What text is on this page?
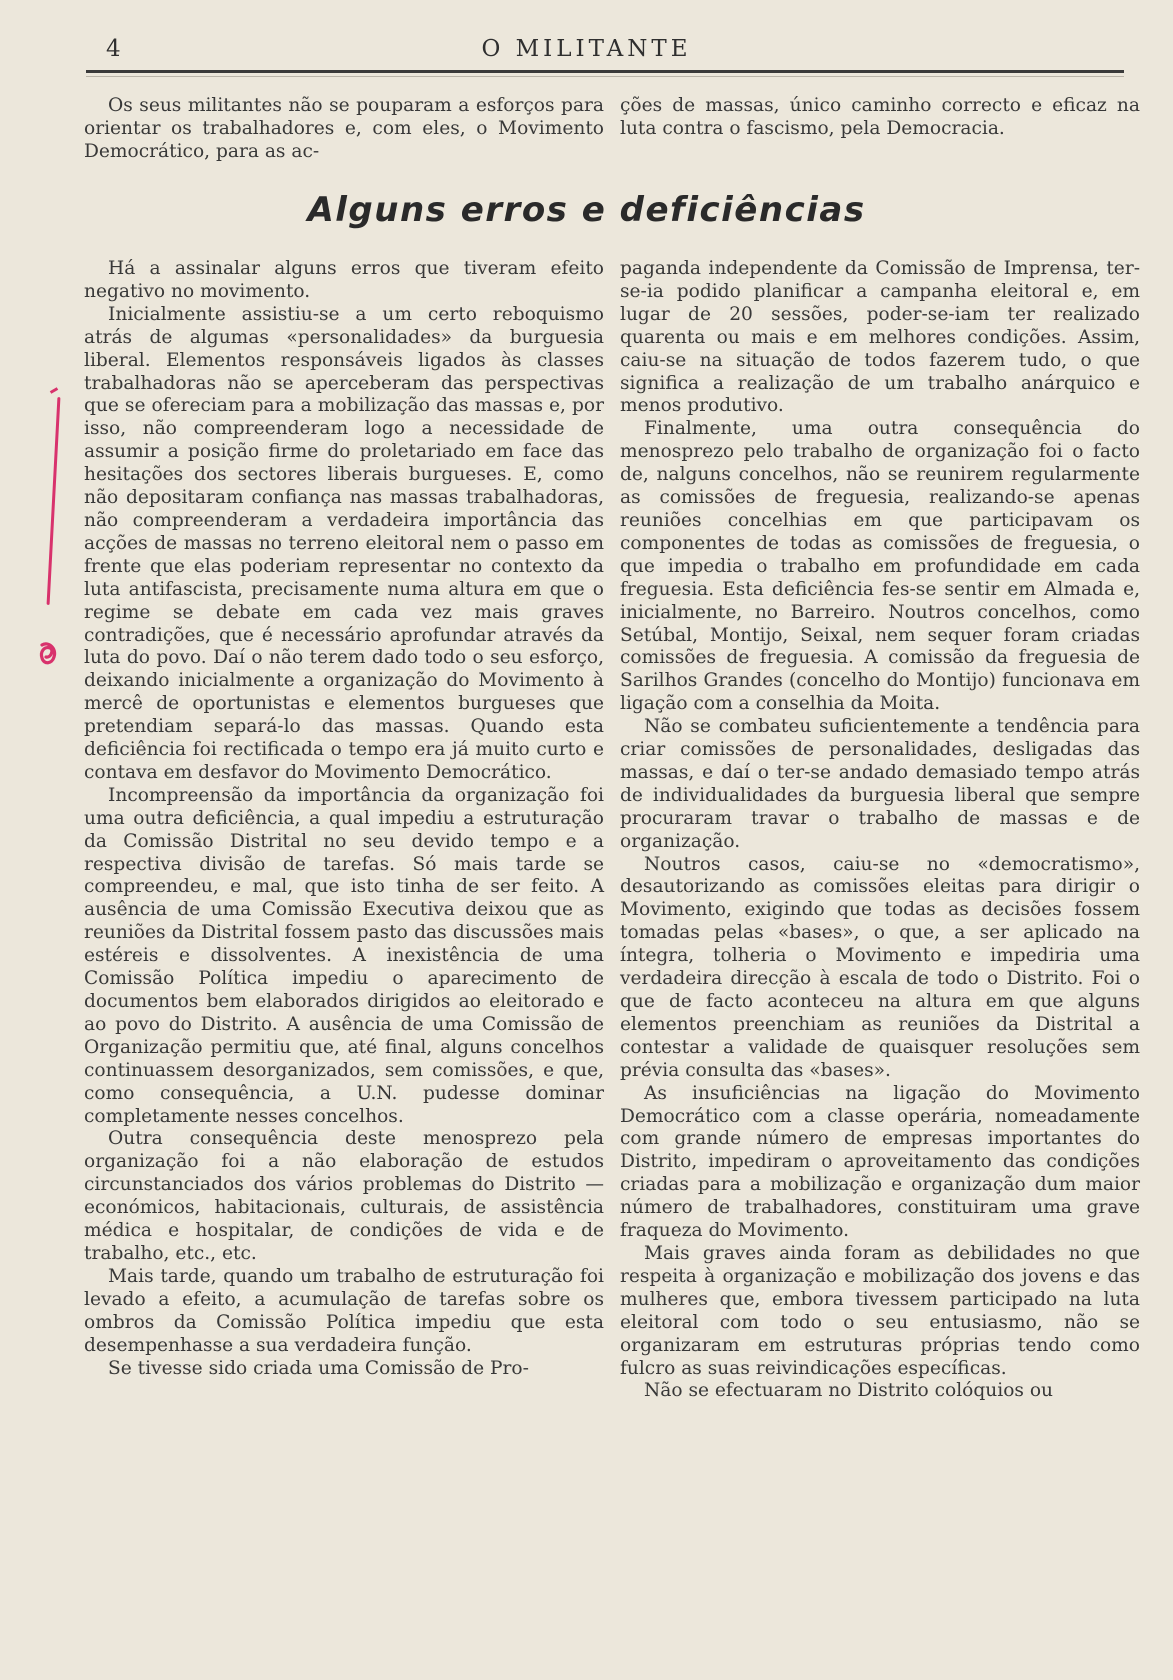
4	O MILITANTE

Os seus militantes não se pouparam a esforços para orientar os trabalhadores e, com eles, o Movimento Democrático, para as ac-

ções de massas, único caminho correcto e eficaz na luta contra o fascismo, pela Democracia.

Alguns erros e deficiências

Há a assinalar alguns erros que tiveram efeito negativo no movimento.

Inicialmente assistiu-se a um certo reboquismo atrás de algumas «personalidades» da burguesia liberal. Elementos responsáveis ligados às classes trabalhadoras não se aperceberam das perspectivas que se ofereciam para a mobilização das massas e, por isso, não compreenderam logo a necessidade de assumir a posição firme do proletariado em face das hesitações dos sectores liberais burgueses. E, como não depositaram confiança nas massas trabalhadoras, não compreenderam a verdadeira importância das acções de massas no terreno eleitoral nem o passo em frente que elas poderiam representar no contexto da luta antifascista, precisamente numa altura em que o regime se debate em cada vez mais graves contradições, que é necessário aprofundar através da luta do povo. Daí o não terem dado todo o seu esforço, deixando inicialmente a organização do Movimento à mercê de oportunistas e elementos burgueses que pretendiam separá-lo das massas. Quando esta deficiência foi rectificada o tempo era já muito curto e contava em desfavor do Movimento Democrático.

Incompreensão da importância da organização foi uma outra deficiência, a qual impediu a estruturação da Comissão Distrital no seu devido tempo e a respectiva divisão de tarefas. Só mais tarde se compreendeu, e mal, que isto tinha de ser feito. A ausência de uma Comissão Executiva deixou que as reuniões da Distrital fossem pasto das discussões mais estéreis e dissolventes. A inexistência de uma Comissão Política impediu o aparecimento de documentos bem elaborados dirigidos ao eleitorado e ao povo do Distrito. A ausência de uma Comissão de Organização permitiu que, até final, alguns concelhos continuassem desorganizados, sem comissões, e que, como consequência, a U.N. pudesse dominar completamente nesses concelhos.

Outra consequência deste menosprezo pela organização foi a não elaboração de estudos circunstanciados dos vários problemas do Distrito — económicos, habitacionais, culturais, de assistência médica e hospitalar, de condições de vida e de trabalho, etc., etc.

Mais tarde, quando um trabalho de estruturação foi levado a efeito, a acumulação de tarefas sobre os ombros da Comissão Política impediu que esta desempenhasse a sua verdadeira função.

Se tivesse sido criada uma Comissão de Pro-

paganda independente da Comissão de Imprensa, ter-se-ia podido planificar a campanha eleitoral e, em lugar de 20 sessões, poder-se-iam ter realizado quarenta ou mais e em melhores condições. Assim, caiu-se na situação de todos fazerem tudo, o que significa a realização de um trabalho anárquico e menos produtivo.

Finalmente, uma outra consequência do menosprezo pelo trabalho de organização foi o facto de, nalguns concelhos, não se reunirem regularmente as comissões de freguesia, realizando-se apenas reuniões concelhias em que participavam os componentes de todas as comissões de freguesia, o que impedia o trabalho em profundidade em cada freguesia. Esta deficiência fes-se sentir em Almada e, inicialmente, no Barreiro. Noutros concelhos, como Setúbal, Montijo, Seixal, nem sequer foram criadas comissões de freguesia. A comissão da freguesia de Sarilhos Grandes (concelho do Montijo) funcionava em ligação com a conselhia da Moita.

Não se combateu suficientemente a tendência para criar comissões de personalidades, desligadas das massas, e daí o ter-se andado demasiado tempo atrás de individualidades da burguesia liberal que sempre procuraram travar o trabalho de massas e de organização.

Noutros casos, caiu-se no «democratismo», desautorizando as comissões eleitas para dirigir o Movimento, exigindo que todas as decisões fossem tomadas pelas «bases», o que, a ser aplicado na íntegra, tolheria o Movimento e impediria uma verdadeira direcção à escala de todo o Distrito. Foi o que de facto aconteceu na altura em que alguns elementos preenchiam as reuniões da Distrital a contestar a validade de quaisquer resoluções sem prévia consulta das «bases».

As insuficiências na ligação do Movimento Democrático com a classe operária, nomeadamente com grande número de empresas importantes do Distrito, impediram o aproveitamento das condições criadas para a mobilização e organização dum maior número de trabalhadores, constituiram uma grave fraqueza do Movimento.

Mais graves ainda foram as debilidades no que respeita à organização e mobilização dos jovens e das mulheres que, embora tivessem participado na luta eleitoral com todo o seu entusiasmo, não se organizaram em estruturas próprias tendo como fulcro as suas reivindicações específicas.

Não se efectuaram no Distrito colóquios ou
